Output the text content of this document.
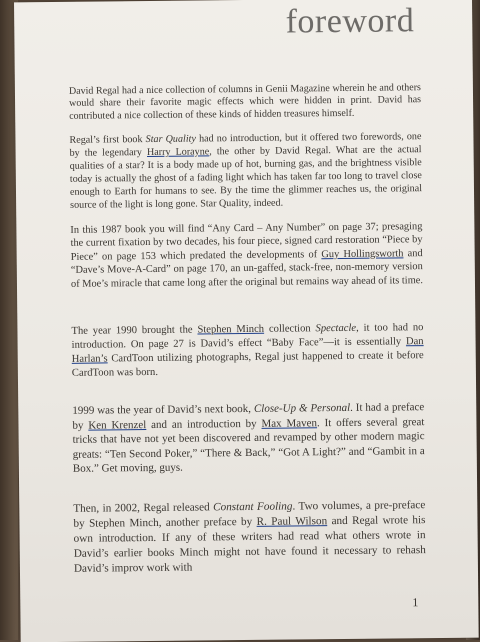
foreword

David Regal had a nice collection of columns in Genii Magazine wherein he and others would share their favorite magic effects which were hidden in print. David has contributed a nice collection of these kinds of hidden treasures himself.

Regal’s first book Star Quality had no introduction, but it offered two forewords, one by the legendary Harry Lorayne, the other by David Regal. What are the actual qualities of a star? It is a body made up of hot, burning gas, and the brightness visible today is actually the ghost of a fading light which has taken far too long to travel close enough to Earth for humans to see. By the time the glimmer reaches us, the original source of the light is long gone. Star Quality, indeed.

In this 1987 book you will find “Any Card – Any Number” on page 37; presaging the current fixation by two decades, his four piece, signed card restoration “Piece by Piece” on page 153 which predated the developments of Guy Hollingsworth and “Dave’s Move-A-Card” on page 170, an un-gaffed, stack-free, non-memory version of Moe’s miracle that came long after the original but remains way ahead of its time.

The year 1990 brought the Stephen Minch collection Spectacle, it too had no introduction. On page 27 is David’s effect “Baby Face”—it is essentially Dan Harlan’s CardToon utilizing photographs, Regal just happened to create it before CardToon was born.

1999 was the year of David’s next book, Close-Up & Personal. It had a preface by Ken Krenzel and an introduction by Max Maven. It offers several great tricks that have not yet been discovered and revamped by other modern magic greats: “Ten Second Poker,” “There & Back,” “Got A Light?” and “Gambit in a Box.” Get moving, guys.

Then, in 2002, Regal released Constant Fooling. Two volumes, a pre-preface by Stephen Minch, another preface by R. Paul Wilson and Regal wrote his own introduction. If any of these writers had read what others wrote in David’s earlier books Minch might not have found it necessary to rehash David’s improv work with

1
